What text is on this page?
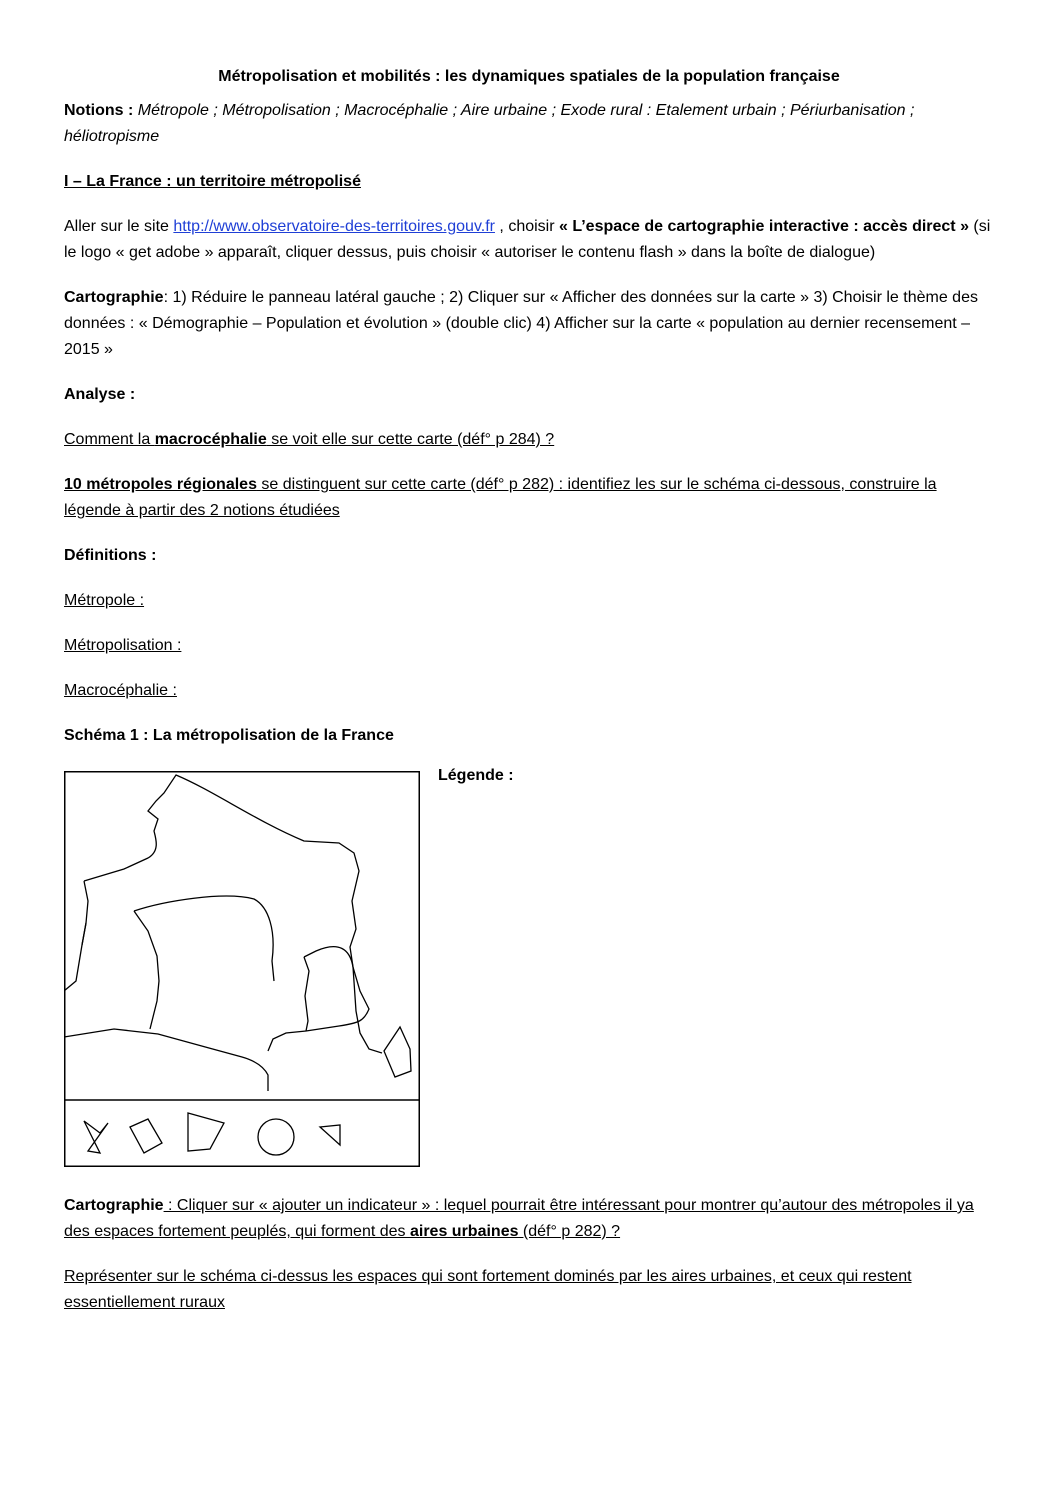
Métropolisation et mobilités : les dynamiques spatiales de la population française

Notions : Métropole ; Métropolisation ; Macrocéphalie ; Aire urbaine ; Exode rural : Etalement urbain ; Périurbanisation ; héliotropisme

I – La France : un territoire métropolisé

Aller sur le site http://www.observatoire-des-territoires.gouv.fr , choisir « L’espace de cartographie interactive : accès direct » (si le logo « get adobe » apparaît, cliquer dessus, puis choisir « autoriser le contenu flash » dans la boîte de dialogue)

Cartographie: 1) Réduire le panneau latéral gauche ; 2) Cliquer sur « Afficher des données sur la carte » 3) Choisir le thème des données : « Démographie – Population et évolution » (double clic) 4) Afficher sur la carte « population au dernier recensement – 2015 »

Analyse :

Comment la macrocéphalie se voit elle sur cette carte (déf° p 284) ?

10 métropoles régionales se distinguent sur cette carte (déf° p 282) : identifiez les sur le schéma ci-dessous, construire la légende à partir des 2 notions étudiées

Définitions :

Métropole :

Métropolisation :

Macrocéphalie :

Schéma 1 : La métropolisation de la France

Légende :

Cartographie : Cliquer sur « ajouter un indicateur » : lequel pourrait être intéressant pour montrer qu’autour des métropoles il ya des espaces fortement peuplés, qui forment des aires urbaines (déf° p 282) ?

Représenter sur le schéma ci-dessus les espaces qui sont fortement dominés par les aires urbaines, et ceux qui restent essentiellement ruraux
